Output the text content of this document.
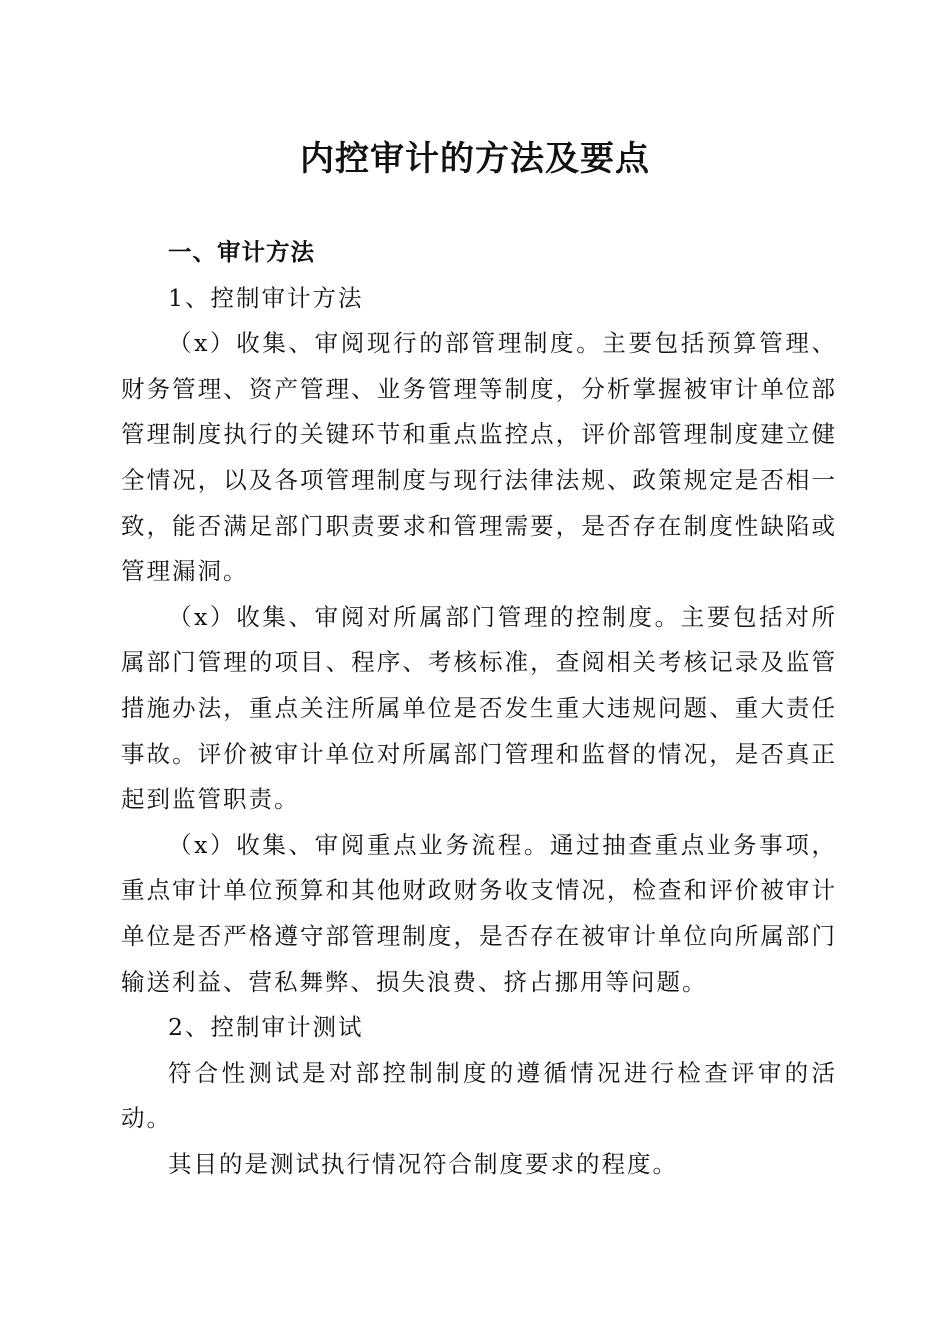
内控审计的方法及要点

一、审计方法

1、控制审计方法

（x）收集、审阅现行的部管理制度。主要包括预算管理、财务管理、资产管理、业务管理等制度，分析掌握被审计单位部管理制度执行的关键环节和重点监控点，评价部管理制度建立健全情况，以及各项管理制度与现行法律法规、政策规定是否相一致，能否满足部门职责要求和管理需要，是否存在制度性缺陷或管理漏洞。

（x）收集、审阅对所属部门管理的控制度。主要包括对所属部门管理的项目、程序、考核标准，查阅相关考核记录及监管措施办法，重点关注所属单位是否发生重大违规问题、重大责任事故。评价被审计单位对所属部门管理和监督的情况，是否真正起到监管职责。

（x）收集、审阅重点业务流程。通过抽查重点业务事项，重点审计单位预算和其他财政财务收支情况，检查和评价被审计单位是否严格遵守部管理制度，是否存在被审计单位向所属部门输送利益、营私舞弊、损失浪费、挤占挪用等问题。

2、控制审计测试

符合性测试是对部控制制度的遵循情况进行检查评审的活动。

其目的是测试执行情况符合制度要求的程度。
